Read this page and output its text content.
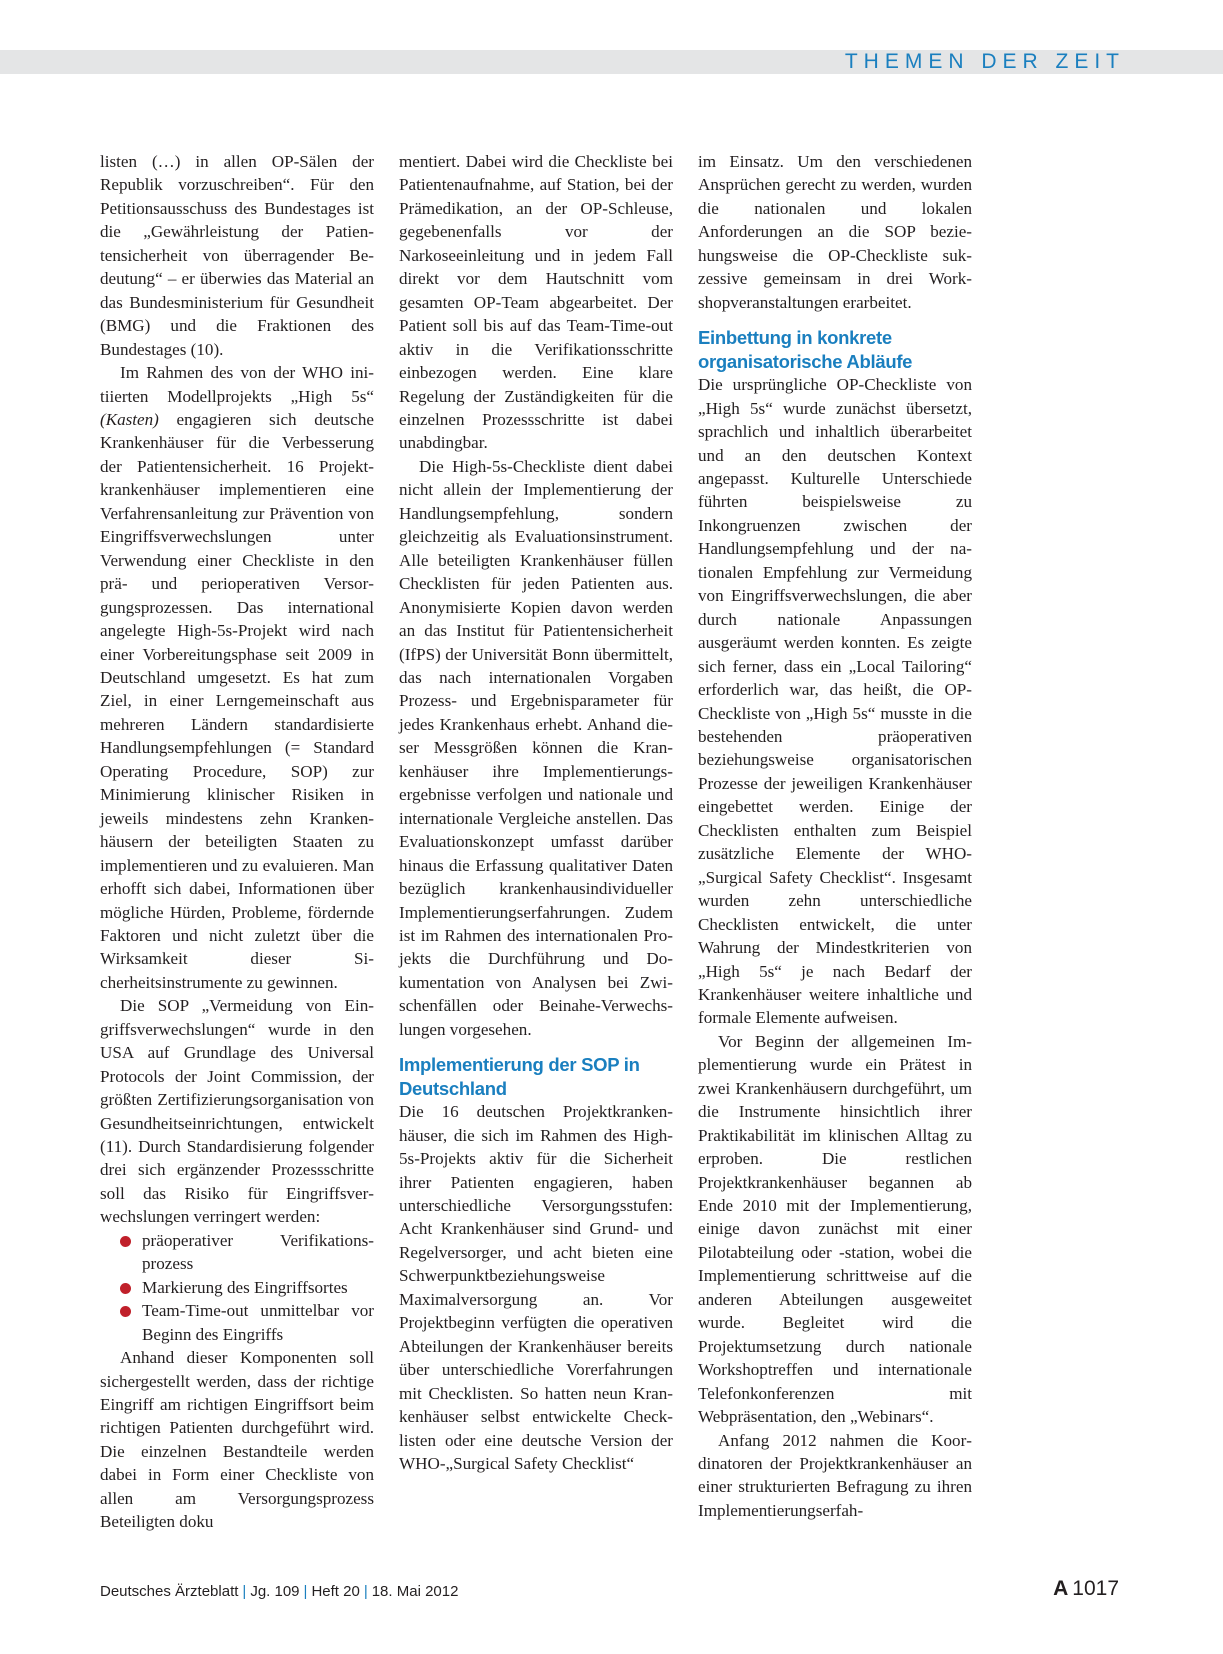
THEMEN DER ZEIT

listen (…) in allen OP-Sälen der Republik vorzuschreiben“. Für den Petitionsausschuss des Bundestages ist die „Gewährleistung der Patientensicherheit von überragender Bedeutung“ – er überwies das Material an das Bundesministerium für Gesundheit (BMG) und die Fraktionen des Bundestages (10).

Im Rahmen des von der WHO initiierten Modellprojekts „High 5s“ (Kasten) engagieren sich deutsche Krankenhäuser für die Verbesserung der Patientensicherheit. 16 Projektkrankenhäuser implementieren eine Verfahrensanleitung zur Prävention von Eingriffsverwechslungen unter Verwendung einer Checkliste in den prä- und perioperativen Versorgungsprozessen. Das international angelegte High-5s-Projekt wird nach einer Vorbereitungsphase seit 2009 in Deutschland umgesetzt. Es hat zum Ziel, in einer Lerngemeinschaft aus mehreren Ländern standardisierte Handlungsempfehlungen (= Standard Operating Procedure, SOP) zur Minimierung klinischer Risiken in jeweils mindestens zehn Krankenhäusern der beteiligten Staaten zu implementieren und zu evaluieren. Man erhofft sich dabei, Informationen über mögliche Hürden, Probleme, fördernde Faktoren und nicht zuletzt über die Wirksamkeit dieser Sicherheitsinstrumente zu gewinnen.

Die SOP „Vermeidung von Eingriffsverwechslungen“ wurde in den USA auf Grundlage des Universal Protocols der Joint Commission, der größten Zertifizierungsorganisation von Gesundheitseinrichtungen, entwickelt (11). Durch Standardisierung folgender drei sich ergänzender Prozessschritte soll das Risiko für Eingriffsverwechslungen verringert werden:

präoperativer Verifikationsprozess
Markierung des Eingriffsortes
Team-Time-out unmittelbar vor Beginn des Eingriffs

Anhand dieser Komponenten soll sichergestellt werden, dass der richtige Eingriff am richtigen Eingriffsort beim richtigen Patienten durchgeführt wird. Die einzelnen Bestandteile werden dabei in Form einer Checkliste von allen am Versorgungsprozess Beteiligten doku

mentiert. Dabei wird die Checkliste bei Patientenaufnahme, auf Station, bei der Prämedikation, an der OP-Schleuse, gegebenenfalls vor der Narkoseeinleitung und in jedem Fall direkt vor dem Hautschnitt vom gesamten OP-Team abgearbeitet. Der Patient soll bis auf das Team-Time-out aktiv in die Verifikationsschritte einbezogen werden. Eine klare Regelung der Zuständigkeiten für die einzelnen Prozessschritte ist dabei unabdingbar.

Die High-5s-Checkliste dient dabei nicht allein der Implementierung der Handlungsempfehlung, sondern gleichzeitig als Evaluationsinstrument. Alle beteiligten Krankenhäuser füllen Checklisten für jeden Patienten aus. Anonymisierte Kopien davon werden an das Institut für Patientensicherheit (IfPS) der Universität Bonn übermittelt, das nach internationalen Vorgaben Prozess- und Ergebnisparameter für jedes Krankenhaus erhebt. Anhand dieser Messgrößen können die Krankenhäuser ihre Implementierungsergebnisse verfolgen und nationale und internationale Vergleiche anstellen. Das Evaluationskonzept umfasst darüber hinaus die Erfassung qualitativer Daten bezüglich krankenhausindividueller Implementierungserfahrungen. Zudem ist im Rahmen des internationalen Projekts die Durchführung und Dokumentation von Analysen bei Zwischenfällen oder Beinahe-Verwechslungen vorgesehen.

Implementierung der SOP in Deutschland

Die 16 deutschen Projektkrankenhäuser, die sich im Rahmen des High-5s-Projekts aktiv für die Sicherheit ihrer Patienten engagieren, haben unterschiedliche Versorgungsstufen: Acht Krankenhäuser sind Grund- und Regelversorger, und acht bieten eine Schwerpunktbeziehungsweise Maximalversorgung an. Vor Projektbeginn verfügten die operativen Abteilungen der Krankenhäuser bereits über unterschiedliche Vorerfahrungen mit Checklisten. So hatten neun Krankenhäuser selbst entwickelte Checklisten oder eine deutsche Version der WHO-„Surgical Safety Checklist“

im Einsatz. Um den verschiedenen Ansprüchen gerecht zu werden, wurden die nationalen und lokalen Anforderungen an die SOP beziehungsweise die OP-Checkliste sukzessive gemeinsam in drei Workshopveranstaltungen erarbeitet.

Einbettung in konkrete organisatorische Abläufe

Die ursprüngliche OP-Checkliste von „High 5s“ wurde zunächst übersetzt, sprachlich und inhaltlich überarbeitet und an den deutschen Kontext angepasst. Kulturelle Unterschiede führten beispielsweise zu Inkongruenzen zwischen der Handlungsempfehlung und der nationalen Empfehlung zur Vermeidung von Eingriffsverwechslungen, die aber durch nationale Anpassungen ausgeräumt werden konnten. Es zeigte sich ferner, dass ein „Local Tailoring“ erforderlich war, das heißt, die OP-Checkliste von „High 5s“ musste in die bestehenden präoperativen beziehungsweise organisatorischen Prozesse der jeweiligen Krankenhäuser eingebettet werden. Einige der Checklisten enthalten zum Beispiel zusätzliche Elemente der WHO-„Surgical Safety Checklist“. Insgesamt wurden zehn unterschiedliche Checklisten entwickelt, die unter Wahrung der Mindestkriterien von „High 5s“ je nach Bedarf der Krankenhäuser weitere inhaltliche und formale Elemente aufweisen.

Vor Beginn der allgemeinen Implementierung wurde ein Prätest in zwei Krankenhäusern durchgeführt, um die Instrumente hinsichtlich ihrer Praktikabilität im klinischen Alltag zu erproben. Die restlichen Projektkrankenhäuser begannen ab Ende 2010 mit der Implementierung, einige davon zunächst mit einer Pilotabteilung oder -station, wobei die Implementierung schrittweise auf die anderen Abteilungen ausgeweitet wurde. Begleitet wird die Projektumsetzung durch nationale Workshoptreffen und internationale Telefonkonferenzen mit Webpräsentation, den „Webinars“.

Anfang 2012 nahmen die Koordinatoren der Projektkrankenhäuser an einer strukturierten Befragung zu ihren Implementierungserfah-

Deutsches Ärzteblatt | Jg. 109 | Heft 20 | 18. Mai 2012	A 1017
